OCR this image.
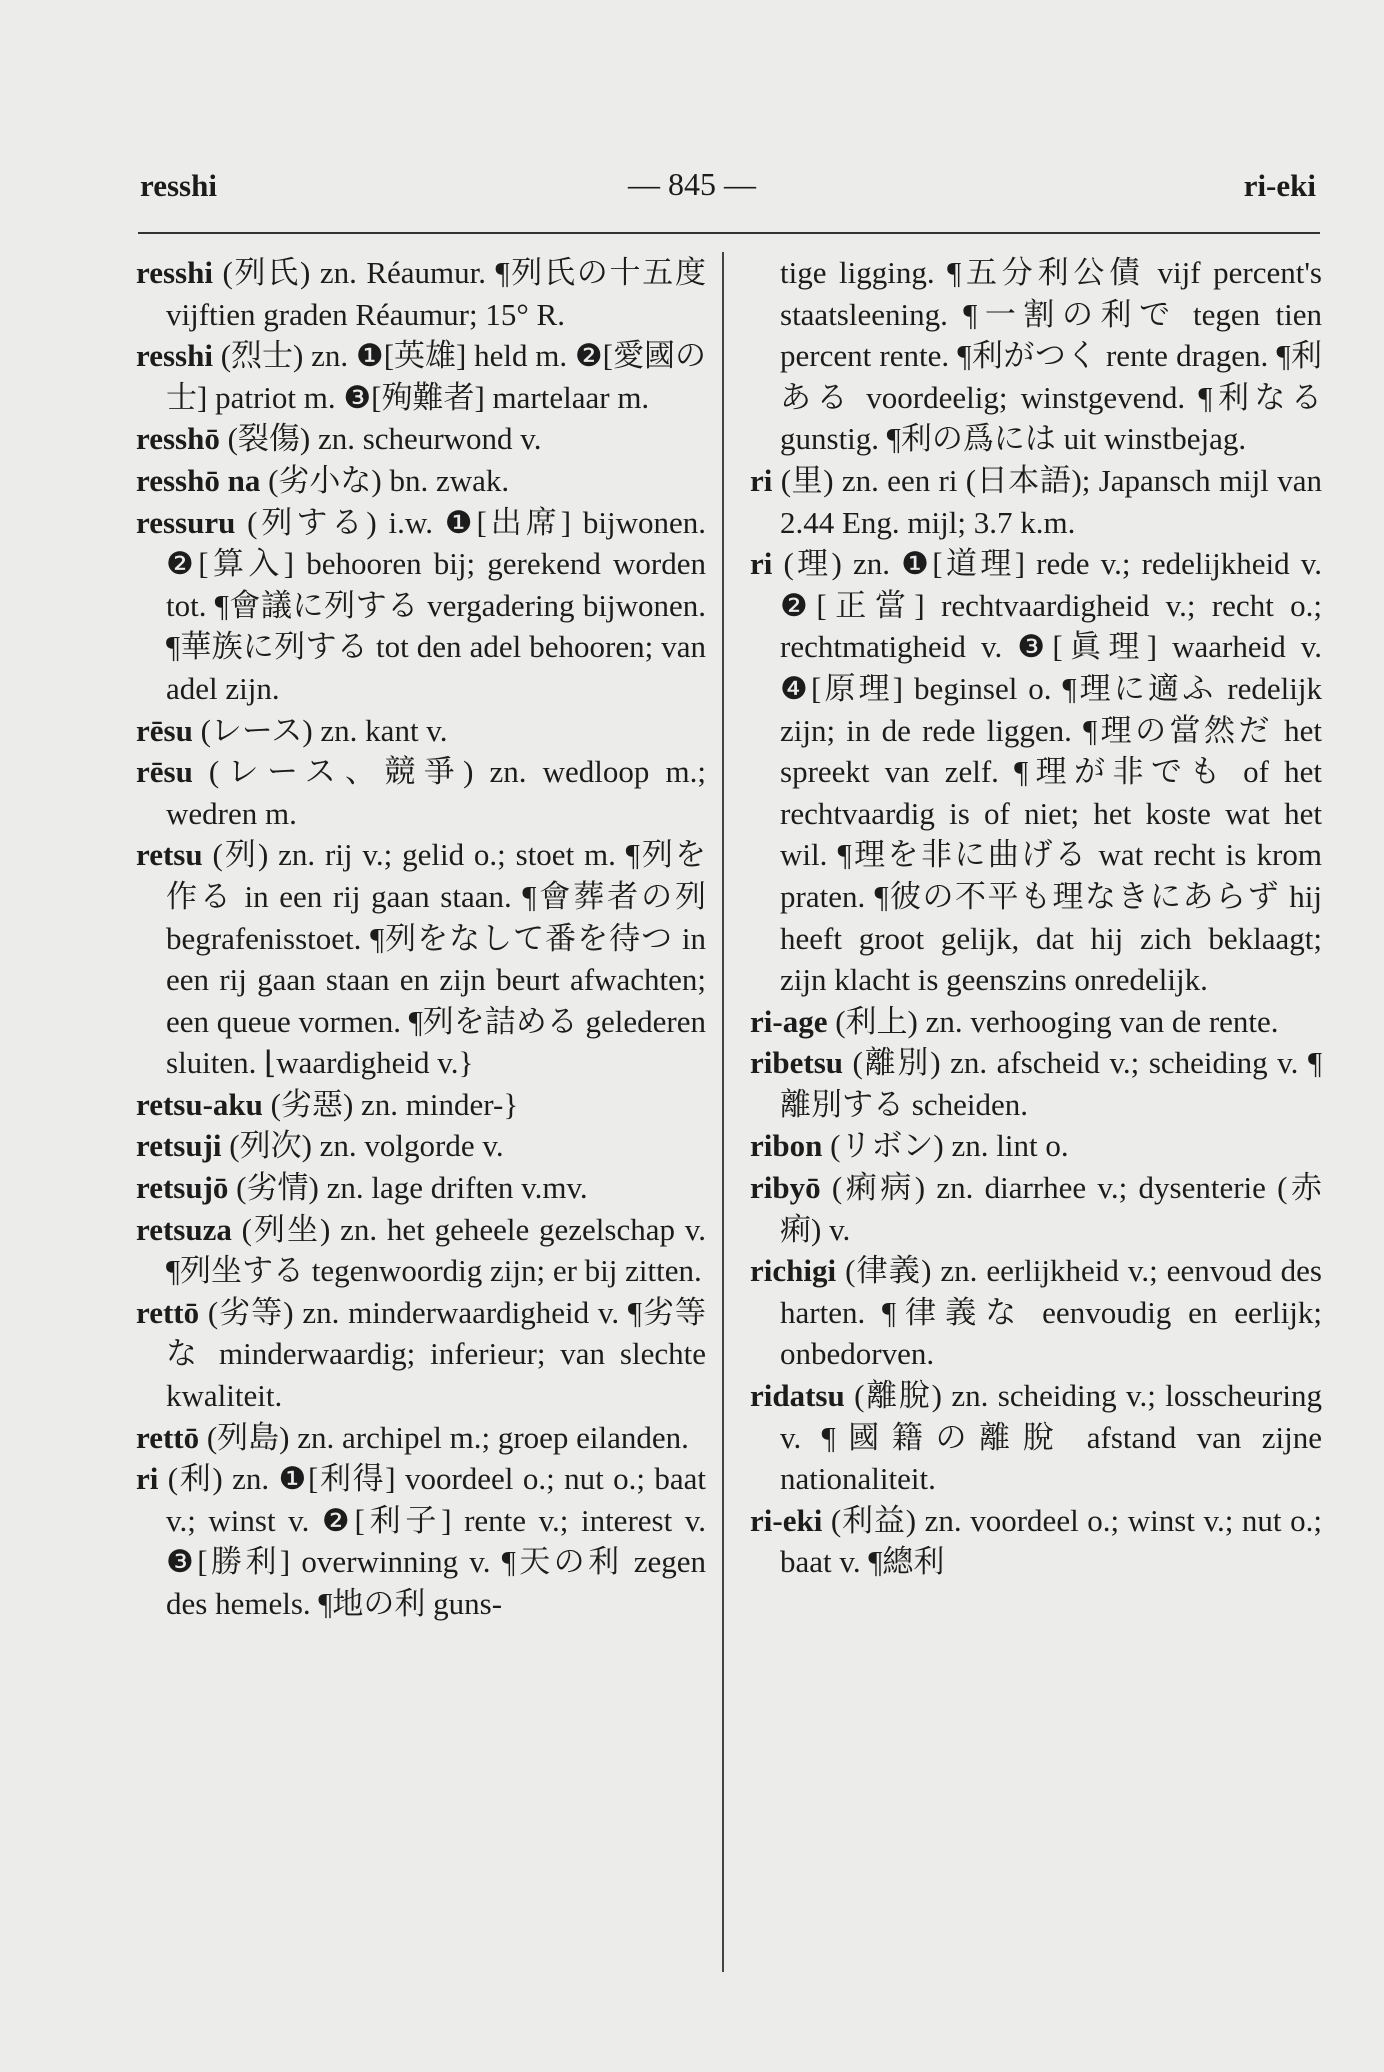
resshi	— 845 —	ri-eki

resshi (列氏) zn. Réaumur. ¶列氏の十五度 vijftien graden Réaumur; 15° R.

resshi (烈士) zn. ❶[英雄] held m. ❷[愛國の士] patriot m. ❸[殉難者] martelaar m.

resshō (裂傷) zn. scheurwond v.

resshō na (劣小な) bn. zwak.

ressuru (列する) i.w. ❶[出席] bijwonen. ❷[算入] behooren bij; gerekend worden tot. ¶會議に列する vergadering bijwonen. ¶華族に列する tot den adel behooren; van adel zijn.

rēsu (レース) zn. kant v.

rēsu (レース、競爭) zn. wedloop m.; wedren m.

retsu (列) zn. rij v.; gelid o.; stoet m. ¶列を作る in een rij gaan staan. ¶會葬者の列 begrafenisstoet. ¶列をなして番を待つ in een rij gaan staan en zijn beurt afwachten; een queue vormen. ¶列を詰める gelederen sluiten. ⌊waardigheid v.}

retsu-aku (劣惡) zn. minder-}

retsuji (列次) zn. volgorde v.

retsujō (劣情) zn. lage driften v.mv.

retsuza (列坐) zn. het geheele gezelschap v. ¶列坐する tegenwoordig zijn; er bij zitten.

rettō (劣等) zn. minderwaardigheid v. ¶劣等な minderwaardig; inferieur; van slechte kwaliteit.

rettō (列島) zn. archipel m.; groep eilanden.

ri (利) zn. ❶[利得] voordeel o.; nut o.; baat v.; winst v. ❷[利子] rente v.; interest v. ❸[勝利] overwinning v. ¶天の利 zegen des hemels. ¶地の利 guns-

tige ligging. ¶五分利公債 vijf percent's staatsleening. ¶一割の利で tegen tien percent rente. ¶利がつく rente dragen. ¶利ある voordeelig; winstgevend. ¶利なる gunstig. ¶利の爲には uit winstbejag.

ri (里) zn. een ri (日本語); Japansch mijl van 2.44 Eng. mijl; 3.7 k.m.

ri (理) zn. ❶[道理] rede v.; redelijkheid v. ❷[正當] rechtvaardigheid v.; recht o.; rechtmatigheid v. ❸[眞理] waarheid v. ❹[原理] beginsel o. ¶理に適ふ redelijk zijn; in de rede liggen. ¶理の當然だ het spreekt van zelf. ¶理が非でも of het rechtvaardig is of niet; het koste wat het wil. ¶理を非に曲げる wat recht is krom praten. ¶彼の不平も理なきにあらず hij heeft groot gelijk, dat hij zich beklaagt; zijn klacht is geenszins onredelijk.

ri-age (利上) zn. verhooging van de rente.

ribetsu (離別) zn. afscheid v.; scheiding v. ¶離別する scheiden.

ribon (リボン) zn. lint o.

ribyō (痢病) zn. diarrhee v.; dysenterie (赤痢) v.

richigi (律義) zn. eerlijkheid v.; eenvoud des harten. ¶律義な eenvoudig en eerlijk; onbedorven.

ridatsu (離脫) zn. scheiding v.; losscheuring v. ¶國籍の離脫 afstand van zijne nationaliteit.

ri-eki (利益) zn. voordeel o.; winst v.; nut o.; baat v. ¶總利
